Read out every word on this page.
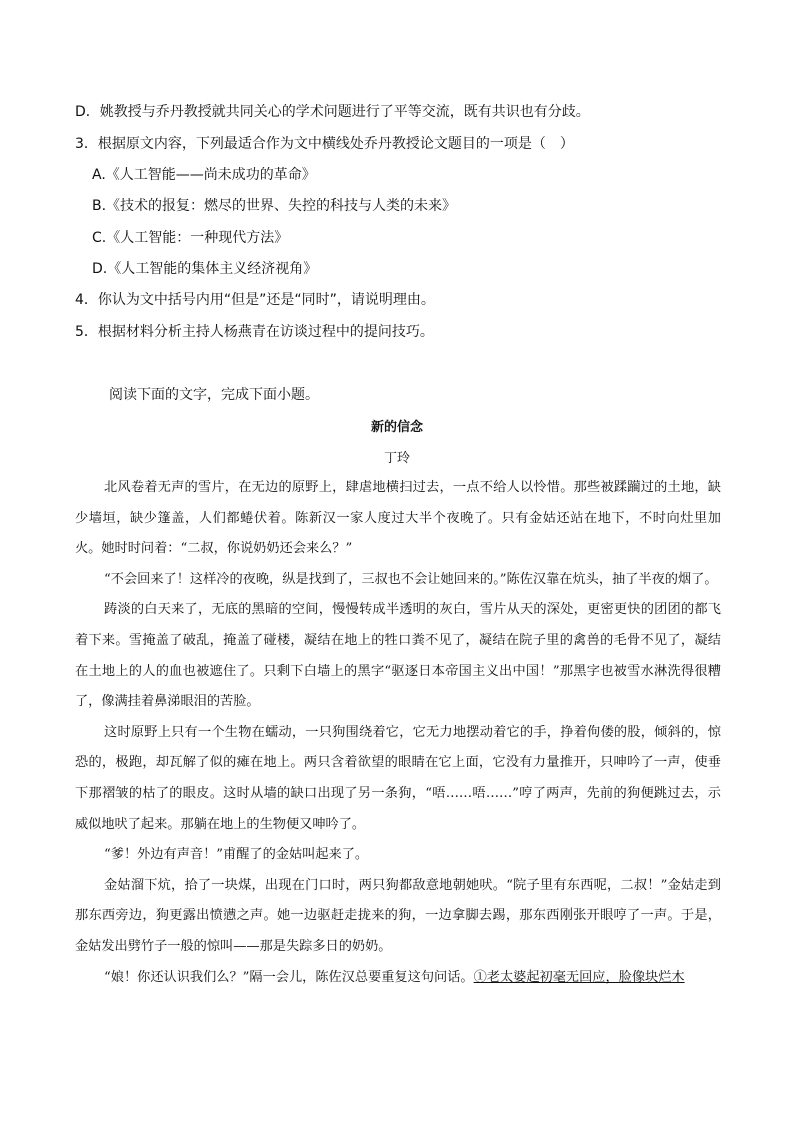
D．姚教授与乔丹教授就共同关心的学术问题进行了平等交流，既有共识也有分歧。
3．根据原文内容，下列最适合作为文中横线处乔丹教授论文题目的一项是（　）
A.《人工智能——尚未成功的革命》
B.《技术的报复：燃尽的世界、失控的科技与人类的未来》
C.《人工智能：一种现代方法》
D.《人工智能的集体主义经济视角》
4．你认为文中括号内用“但是”还是“同时”，请说明理由。
5．根据材料分析主持人杨燕青在访谈过程中的提问技巧。
阅读下面的文字，完成下面小题。
新的信念
丁玲

北风卷着无声的雪片，在无边的原野上，肆虐地横扫过去，一点不给人以怜惜。那些被蹂躏过的土地，缺少墙垣，缺少篷盖，人们都蜷伏着。陈新汉一家人度过大半个夜晚了。只有金姑还站在地下，不时向灶里加火。她时时问着：“二叔，你说奶奶还会来么？”

“不会回来了！这样冷的夜晚，纵是找到了，三叔也不会让她回来的。”陈佐汉靠在炕头，抽了半夜的烟了。

踌淡的白天来了，无底的黑暗的空间，慢慢转成半透明的灰白，雪片从天的深处，更密更快的团团的都飞着下来。雪掩盖了破乱，掩盖了碰楼，凝结在地上的牲口粪不见了，凝结在院子里的禽兽的毛骨不见了，凝结在土地上的人的血也被遮住了。只剩下白墙上的黑字“驱逐日本帝国主义出中国！”那黑字也被雪水淋洗得很糟了，像满挂着鼻涕眼泪的苦脸。

这时原野上只有一个生物在蠕动，一只狗围绕着它，它无力地摆动着它的手，挣着佝偻的股，倾斜的，惊恐的，极跑，却瓦解了似的瘫在地上。两只含着欲望的眼睛在它上面，它没有力量推开，只呻吟了一声，使垂下那褶皱的枯了的眼皮。这时从墙的缺口出现了另一条狗，“唔……唔……”哼了两声，先前的狗便跳过去，示威似地吠了起来。那躺在地上的生物便又呻吟了。

“爹！外边有声音！”甫醒了的金姑叫起来了。

金姑溜下炕，拾了一块煤，出现在门口时，两只狗都敌意地朝她吠。“院子里有东西呢，二叔！”金姑走到那东西旁边，狗更露出愤懑之声。她一边驱赶走拢来的狗，一边拿脚去踢，那东西刚张开眼哼了一声。于是，金姑发出劈竹子一般的惊叫——那是失踪多日的奶奶。

“娘！你还认识我们么？”隔一会儿，陈佐汉总要重复这句问话。①老太婆起初毫无回应，脸像块烂木
